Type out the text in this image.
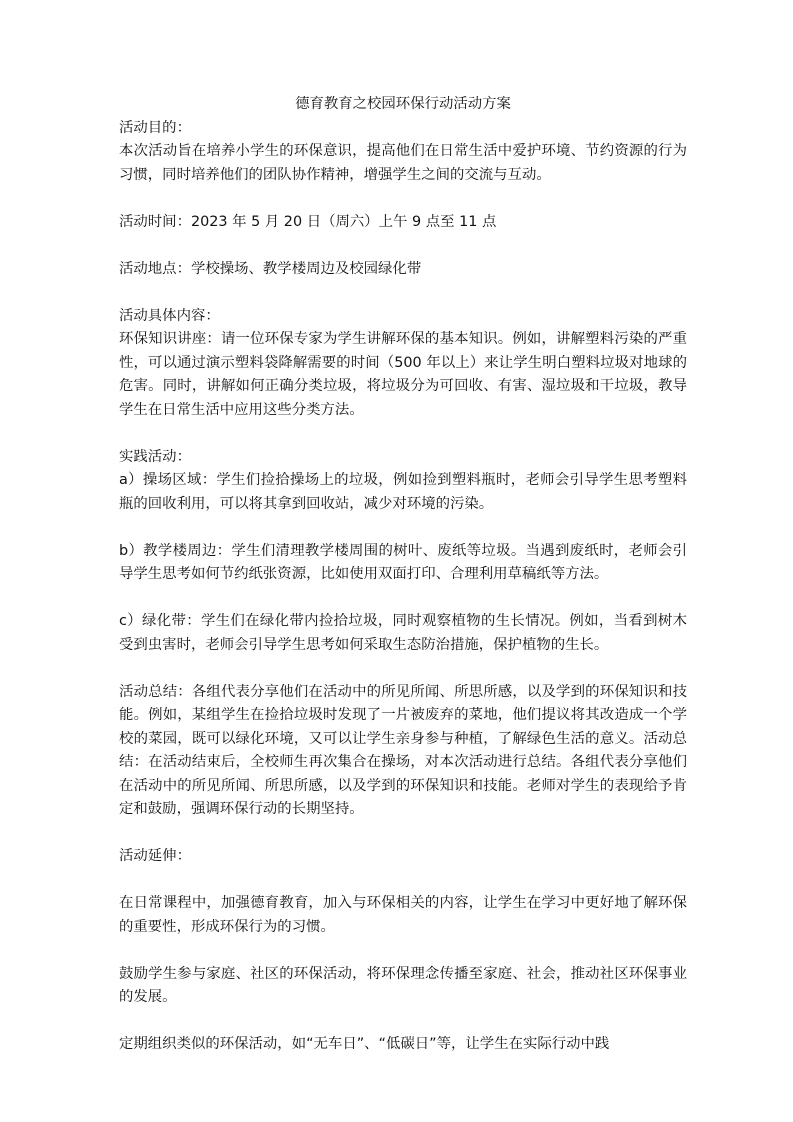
德育教育之校园环保行动活动方案

活动目的：

本次活动旨在培养小学生的环保意识，提高他们在日常生活中爱护环境、节约资源的行为习惯，同时培养他们的团队协作精神，增强学生之间的交流与互动。

活动时间：2023 年 5 月 20 日（周六）上午 9 点至 11 点

活动地点：学校操场、教学楼周边及校园绿化带

活动具体内容：

环保知识讲座：请一位环保专家为学生讲解环保的基本知识。例如，讲解塑料污染的严重性，可以通过演示塑料袋降解需要的时间（500 年以上）来让学生明白塑料垃圾对地球的危害。同时，讲解如何正确分类垃圾，将垃圾分为可回收、有害、湿垃圾和干垃圾，教导学生在日常生活中应用这些分类方法。

实践活动：

a）操场区域：学生们捡拾操场上的垃圾，例如捡到塑料瓶时，老师会引导学生思考塑料瓶的回收利用，可以将其拿到回收站，减少对环境的污染。

b）教学楼周边：学生们清理教学楼周围的树叶、废纸等垃圾。当遇到废纸时，老师会引导学生思考如何节约纸张资源，比如使用双面打印、合理利用草稿纸等方法。

c）绿化带：学生们在绿化带内捡拾垃圾，同时观察植物的生长情况。例如，当看到树木受到虫害时，老师会引导学生思考如何采取生态防治措施，保护植物的生长。

活动总结：各组代表分享他们在活动中的所见所闻、所思所感，以及学到的环保知识和技能。例如，某组学生在捡拾垃圾时发现了一片被废弃的菜地，他们提议将其改造成一个学校的菜园，既可以绿化环境，又可以让学生亲身参与种植，了解绿色生活的意义。活动总结：在活动结束后，全校师生再次集合在操场，对本次活动进行总结。各组代表分享他们在活动中的所见所闻、所思所感，以及学到的环保知识和技能。老师对学生的表现给予肯定和鼓励，强调环保行动的长期坚持。

活动延伸：

在日常课程中，加强德育教育，加入与环保相关的内容，让学生在学习中更好地了解环保的重要性，形成环保行为的习惯。

鼓励学生参与家庭、社区的环保活动，将环保理念传播至家庭、社会，推动社区环保事业的发展。

定期组织类似的环保活动，如“无车日”、“低碳日”等，让学生在实际行动中践
